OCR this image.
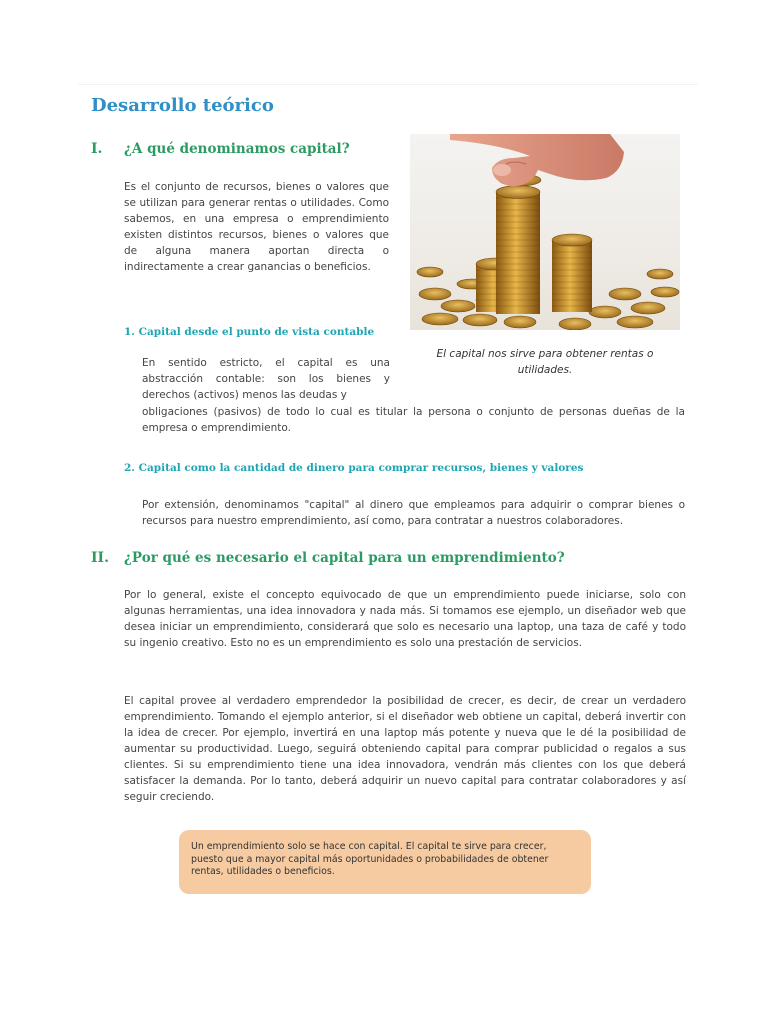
Desarrollo teórico
I. ¿A qué denominamos capital?

Es el conjunto de recursos, bienes o valores que se utilizan para generar rentas o utilidades. Como sabemos, en una empresa o emprendimiento existen distintos recursos, bienes o valores que de alguna manera aportan directa o indirectamente a crear ganancias o beneficios.

El capital nos sirve para obtener rentas o
utilidades.

1. Capital desde el punto de vista contable

En sentido estricto, el capital es una abstracción contable: son los bienes y derechos (activos) menos las deudas y

obligaciones (pasivos) de todo lo cual es titular la persona o conjunto de personas dueñas de la empresa o emprendimiento.

2. Capital como la cantidad de dinero para comprar recursos, bienes y valores

Por extensión, denominamos "capital" al dinero que empleamos para adquirir o comprar bienes o recursos para nuestro emprendimiento, así como, para contratar a nuestros colaboradores.

II. ¿Por qué es necesario el capital para un emprendimiento?

Por lo general, existe el concepto equivocado de que un emprendimiento puede iniciarse, solo con algunas herramientas, una idea innovadora y nada más. Si tomamos ese ejemplo, un diseñador web que desea iniciar un emprendimiento, considerará que solo es necesario una laptop, una taza de café y todo su ingenio creativo. Esto no es un emprendimiento es solo una prestación de servicios.

El capital provee al verdadero emprendedor la posibilidad de crecer, es decir, de crear un verdadero emprendimiento. Tomando el ejemplo anterior, si el diseñador web obtiene un capital, deberá invertir con la idea de crecer. Por ejemplo, invertirá en una laptop más potente y nueva que le dé la posibilidad de aumentar su productividad. Luego, seguirá obteniendo capital para comprar publicidad o regalos a sus clientes. Si su emprendimiento tiene una idea innovadora, vendrán más clientes con los que deberá satisfacer la demanda. Por lo tanto, deberá adquirir un nuevo capital para contratar colaboradores y así seguir creciendo.

Un emprendimiento solo se hace con capital. El capital te sirve para crecer, puesto que a mayor capital más oportunidades o probabilidades de obtener rentas, utilidades o beneficios.
